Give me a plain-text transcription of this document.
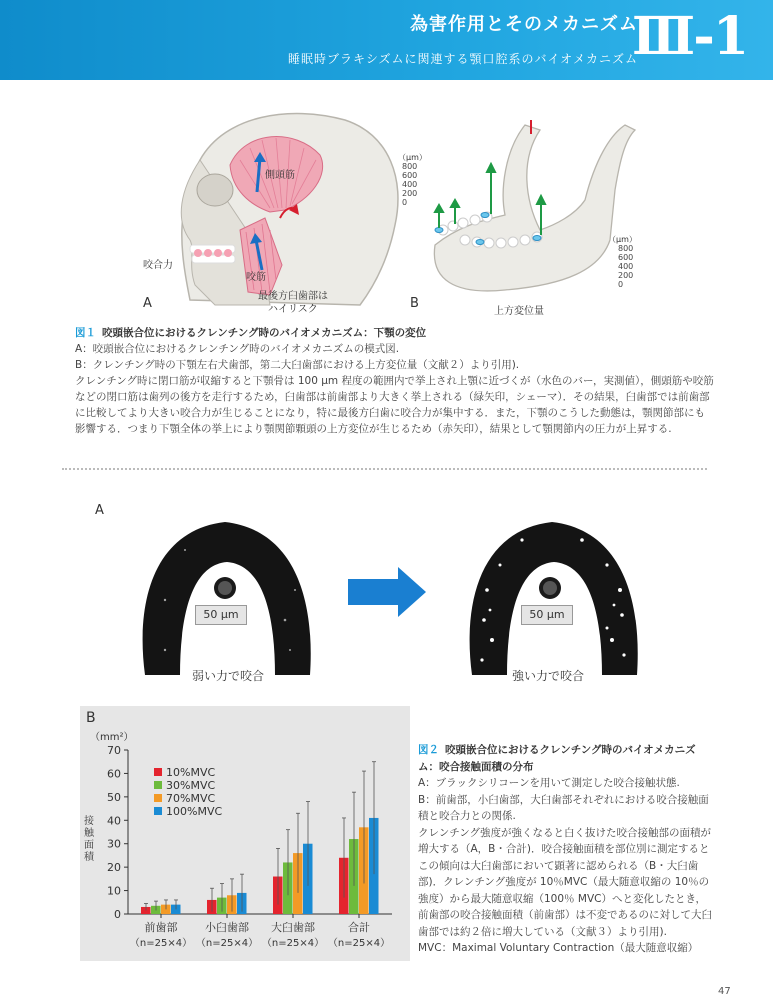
為害作用とそのメカニズム
睡眠時ブラキシズムに関連する顎口腔系のバイオメカニズム
Ⅲ-1
側頭筋
咬筋
咬合力
最後方臼歯部は
ハイリスク
A
（μm）
800
600
400
200
0
（μm）
800
600
400
200
0
B
上方変位量

図１ 咬頭嵌合位におけるクレンチング時のバイオメカニズム：下顎の変位

A：咬頭嵌合位におけるクレンチング時のバイオメカニズムの模式図.

B：クレンチング時の下顎左右犬歯部，第二大臼歯部における上方変位量（文献２）より引用).

クレンチング時に閉口筋が収縮すると下顎骨は 100 μm 程度の範囲内で挙上され上顎に近づくが（水色のバー，実測値），側頭筋や咬筋などの閉口筋は歯列の後方を走行するため，臼歯部は前歯部より大きく挙上される（緑矢印，シェーマ）．その結果，臼歯部では前歯部に比較してより大きい咬合力が生じることになり，特に最後方臼歯に咬合力が集中する．また，下顎のこうした動態は，顎関節部にも影響する．つまり下顎全体の挙上により顎関節顆頭の上方変位が生じるため（赤矢印），結果として顎関節内の圧力が上昇する.

A
50 μm
弱い力で咬合
50 μm
強い力で咬合
B
（mm²）
接触面積
0
10
20
30
40
50
60
70
前歯部
（n=25×4）
小臼歯部
（n=25×4）
大臼歯部
（n=25×4）
合計
（n=25×4）
10%MVC
30%MVC
70%MVC
100%MVC

図２ 咬頭嵌合位におけるクレンチング時のバイオメカニズム：咬合接触面積の分布

A：ブラックシリコーンを用いて測定した咬合接触状態.

B：前歯部，小臼歯部，大臼歯部それぞれにおける咬合接触面積と咬合力との関係.

クレンチング強度が強くなると白く抜けた咬合接触部の面積が増大する（A，B・合計)．咬合接触面積を部位別に測定するとこの傾向は大臼歯部において顕著に認められる（B・大臼歯部)．クレンチング強度が 10％MVC（最大随意収縮の 10％の強度）から最大随意収縮（100％ MVC）へと変化したとき，前歯部の咬合接触面積（前歯部）は不変であるのに対して大臼歯部では約２倍に増大している（文献３）より引用).

MVC：Maximal Voluntary Contraction（最大随意収縮）

47
